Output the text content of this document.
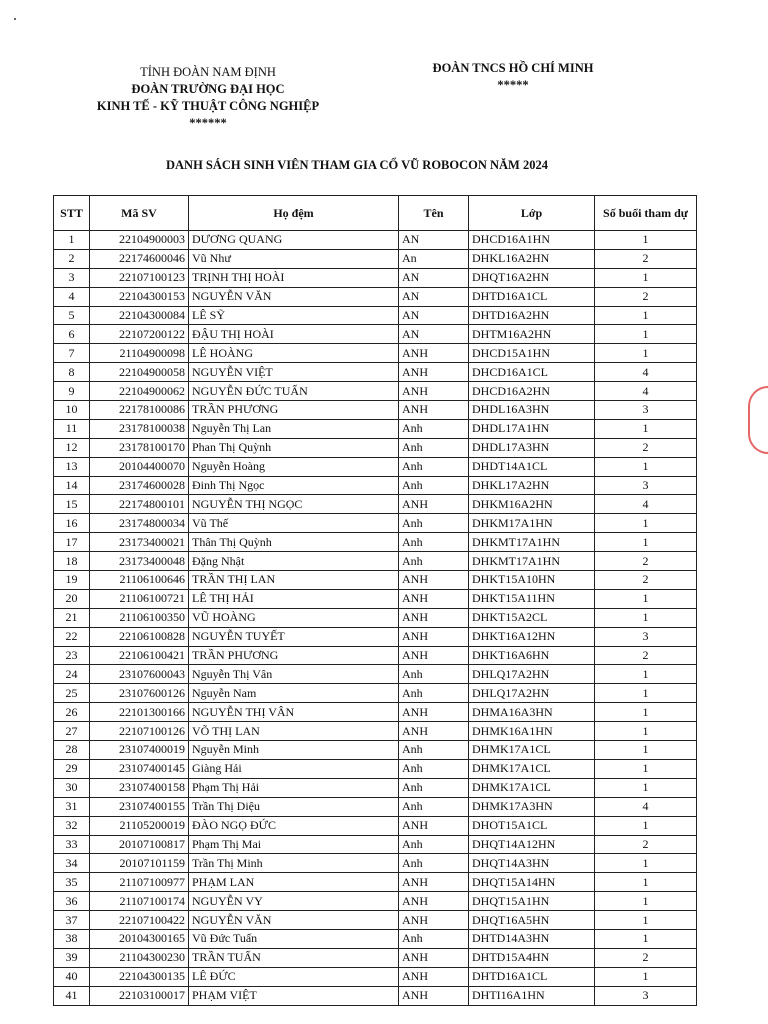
TỈNH ĐOÀN NAM ĐỊNH
ĐOÀN TRƯỜNG ĐẠI HỌC
KINH TẾ - KỸ THUẬT CÔNG NGHIỆP
******
ĐOÀN TNCS HỒ CHÍ MINH
*****
DANH SÁCH SINH VIÊN THAM GIA CỔ VŨ ROBOCON NĂM 2024
STT	Mã SV	Họ đệm	Tên	Lớp	Số buổi tham dự
1	22104900003	DƯƠNG QUANG	AN	DHCD16A1HN	1
2	22174600046	Vũ Như	An	DHKL16A2HN	2
3	22107100123	TRỊNH THỊ HOÀI	AN	DHQT16A2HN	1
4	22104300153	NGUYỄN VĂN	AN	DHTD16A1CL	2
5	22104300084	LÊ SỸ	AN	DHTD16A2HN	1
6	22107200122	ĐẬU THỊ HOÀI	AN	DHTM16A2HN	1
7	21104900098	LÊ HOÀNG	ANH	DHCD15A1HN	1
8	22104900058	NGUYỄN VIỆT	ANH	DHCD16A1CL	4
9	22104900062	NGUYỄN ĐỨC TUẤN	ANH	DHCD16A2HN	4
10	22178100086	TRẦN PHƯƠNG	ANH	DHDL16A3HN	3
11	23178100038	Nguyễn Thị Lan	Anh	DHDL17A1HN	1
12	23178100170	Phan Thị Quỳnh	Anh	DHDL17A3HN	2
13	20104400070	Nguyễn Hoàng	Anh	DHDT14A1CL	1
14	23174600028	Đinh Thị Ngọc	Anh	DHKL17A2HN	3
15	22174800101	NGUYỄN THỊ NGỌC	ANH	DHKM16A2HN	4
16	23174800034	Vũ Thế	Anh	DHKM17A1HN	1
17	23173400021	Thân Thị Quỳnh	Anh	DHKMT17A1HN	1
18	23173400048	Đặng Nhật	Anh	DHKMT17A1HN	2
19	21106100646	TRẦN THỊ LAN	ANH	DHKT15A10HN	2
20	21106100721	LÊ THỊ HẢI	ANH	DHKT15A11HN	1
21	21106100350	VŨ HOÀNG	ANH	DHKT15A2CL	1
22	22106100828	NGUYỄN TUYẾT	ANH	DHKT16A12HN	3
23	22106100421	TRẦN PHƯƠNG	ANH	DHKT16A6HN	2
24	23107600043	Nguyễn Thị Vân	Anh	DHLQ17A2HN	1
25	23107600126	Nguyễn Nam	Anh	DHLQ17A2HN	1
26	22101300166	NGUYỄN THỊ VÂN	ANH	DHMA16A3HN	1
27	22107100126	VÕ THỊ LAN	ANH	DHMK16A1HN	1
28	23107400019	Nguyễn Minh	Anh	DHMK17A1CL	1
29	23107400145	Giàng Hải	Anh	DHMK17A1CL	1
30	23107400158	Phạm Thị Hải	Anh	DHMK17A1CL	1
31	23107400155	Trần Thị Diệu	Anh	DHMK17A3HN	4
32	21105200019	ĐÀO NGỌ ĐỨC	ANH	DHOT15A1CL	1
33	20107100817	Phạm Thị Mai	Anh	DHQT14A12HN	2
34	20107101159	Trần Thị Minh	Anh	DHQT14A3HN	1
35	21107100977	PHẠM LAN	ANH	DHQT15A14HN	1
36	21107100174	NGUYỄN VY	ANH	DHQT15A1HN	1
37	22107100422	NGUYỄN VĂN	ANH	DHQT16A5HN	1
38	20104300165	Vũ Đức Tuấn	Anh	DHTD14A3HN	1
39	21104300230	TRẦN TUẤN	ANH	DHTD15A4HN	2
40	22104300135	LÊ ĐỨC	ANH	DHTD16A1CL	1
41	22103100017	PHẠM VIỆT	ANH	DHTI16A1HN	3
